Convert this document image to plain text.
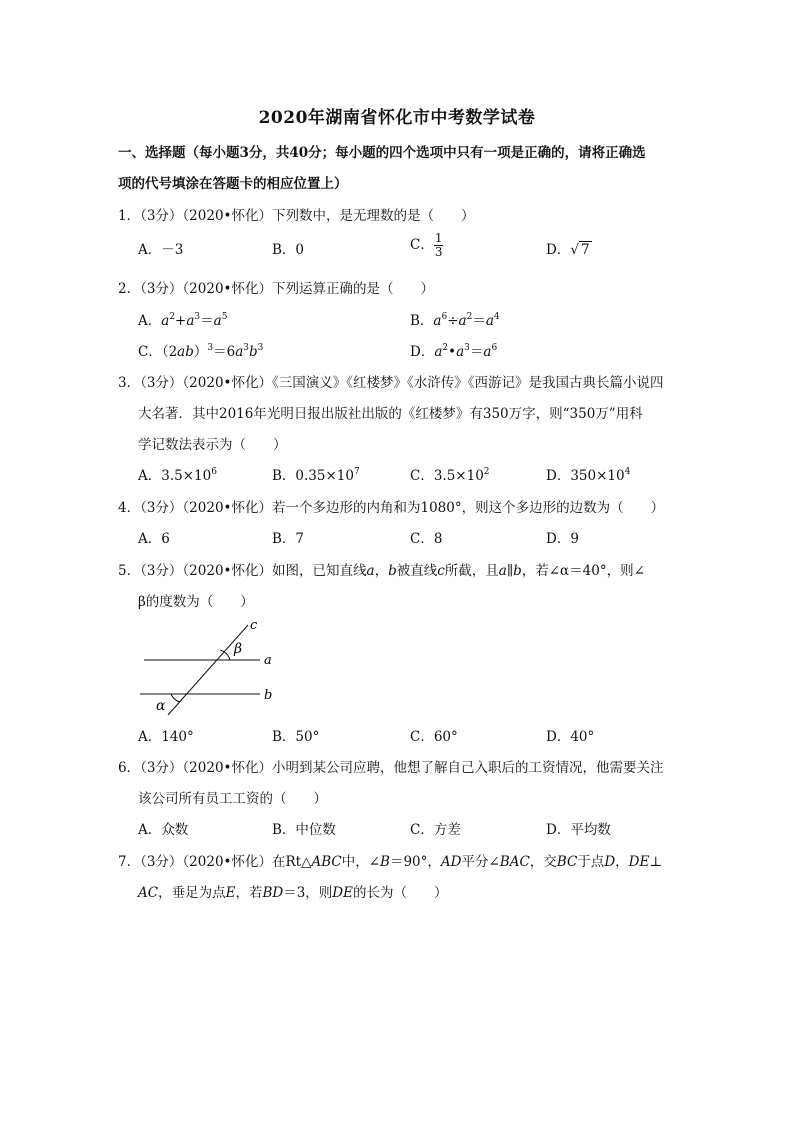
2020年湖南省怀化市中考数学试卷
一、选择题（每小题3分，共40分；每小题的四个选项中只有一项是正确的，请将正确选
项的代号填涂在答题卡的相应位置上）
1．（3分）（2020•怀化）下列数中，是无理数的是（　　）
A．－3	B．0	C． $\frac{1}{3}$	D．√ 7
2．（3分）（2020•怀化）下列运算正确的是（　　）
A．$a^2+a^3=a^5$	B．$a^6\div a^2=a^4$
C．$(2ab)^3=6a^3b^3$	D．$a^2•a^3=a^6$
3．（3分）（2020•怀化）《三国演义》《红楼梦》《水浒传》《西游记》是我国古典长篇小说四
大名著．其中2016年光明日报出版社出版的《红楼梦》有350万字，则“350万”用科
学记数法表示为（　　）
A．$3.5\times 10^6$	B．$0.35\times 10^7$	C．$3.5\times 10^2$	D．$350\times 10^4$
4．（3分）（2020•怀化）若一个多边形的内角和为1080°，则这个多边形的边数为（　　）
A．6	B．7	C．8	D．9
5．（3分）（2020•怀化）如图，已知直线a，b被直线c所截，且a∥b，若∠α＝40°，则∠
β的度数为（　　）
c
a
b
β
α
A．140°	B．50°	C．60°	D．40°
6．（3分）（2020•怀化）小明到某公司应聘，他想了解自己入职后的工资情况，他需要关注
该公司所有员工工资的（　　）
A．众数	B．中位数	C．方差	D．平均数
7．（3分）（2020•怀化）在Rt△ABC中，∠B＝90°，AD平分∠BAC，交BC于点D，DE⊥
AC，垂足为点E，若BD＝3，则DE的长为（　　）
